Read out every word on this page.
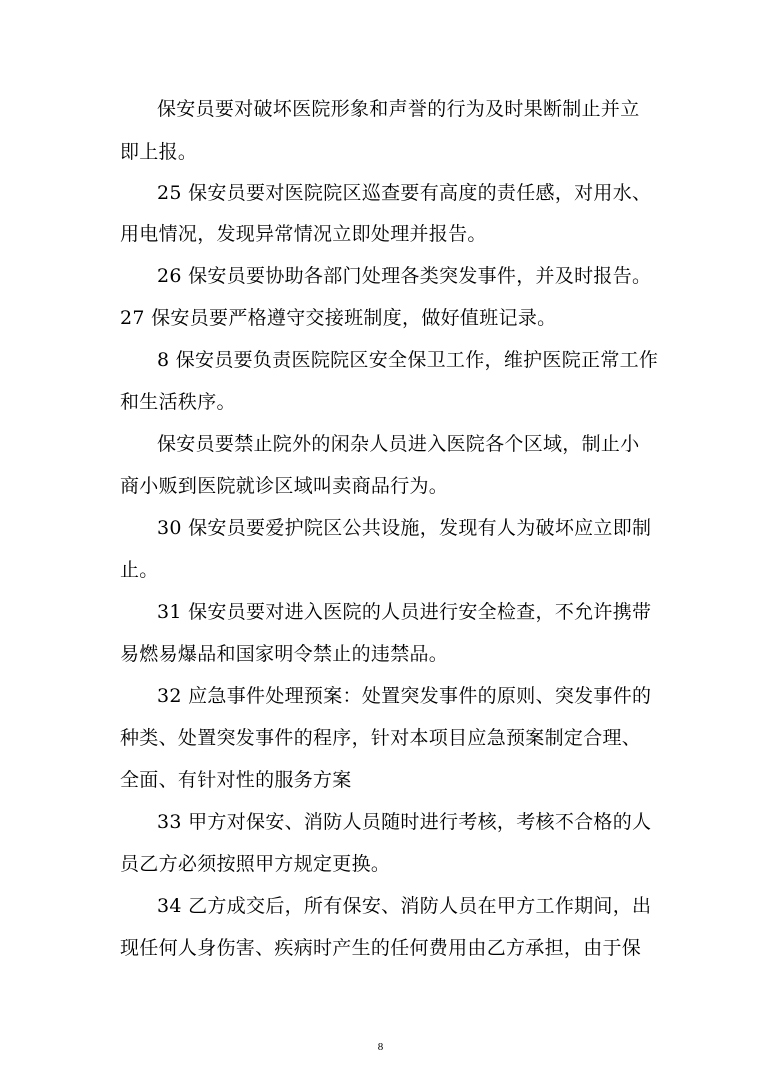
保安员要对破坏医院形象和声誉的行为及时果断制止并立
即上报。
25 保安员要对医院院区巡查要有高度的责任感，对用水、
用电情况，发现异常情况立即处理并报告。
26 保安员要协助各部门处理各类突发事件，并及时报告。
27 保安员要严格遵守交接班制度，做好值班记录。
8 保安员要负责医院院区安全保卫工作，维护医院正常工作
和生活秩序。
保安员要禁止院外的闲杂人员进入医院各个区域，制止小
商小贩到医院就诊区域叫卖商品行为。
30 保安员要爱护院区公共设施，发现有人为破坏应立即制
止。
31 保安员要对进入医院的人员进行安全检查，不允许携带
易燃易爆品和国家明令禁止的违禁品。
32 应急事件处理预案：处置突发事件的原则、突发事件的
种类、处置突发事件的程序，针对本项目应急预案制定合理、
全面、有针对性的服务方案
33 甲方对保安、消防人员随时进行考核，考核不合格的人
员乙方必须按照甲方规定更换。
34 乙方成交后，所有保安、消防人员在甲方工作期间，出
现任何人身伤害、疾病时产生的任何费用由乙方承担，由于保
8
